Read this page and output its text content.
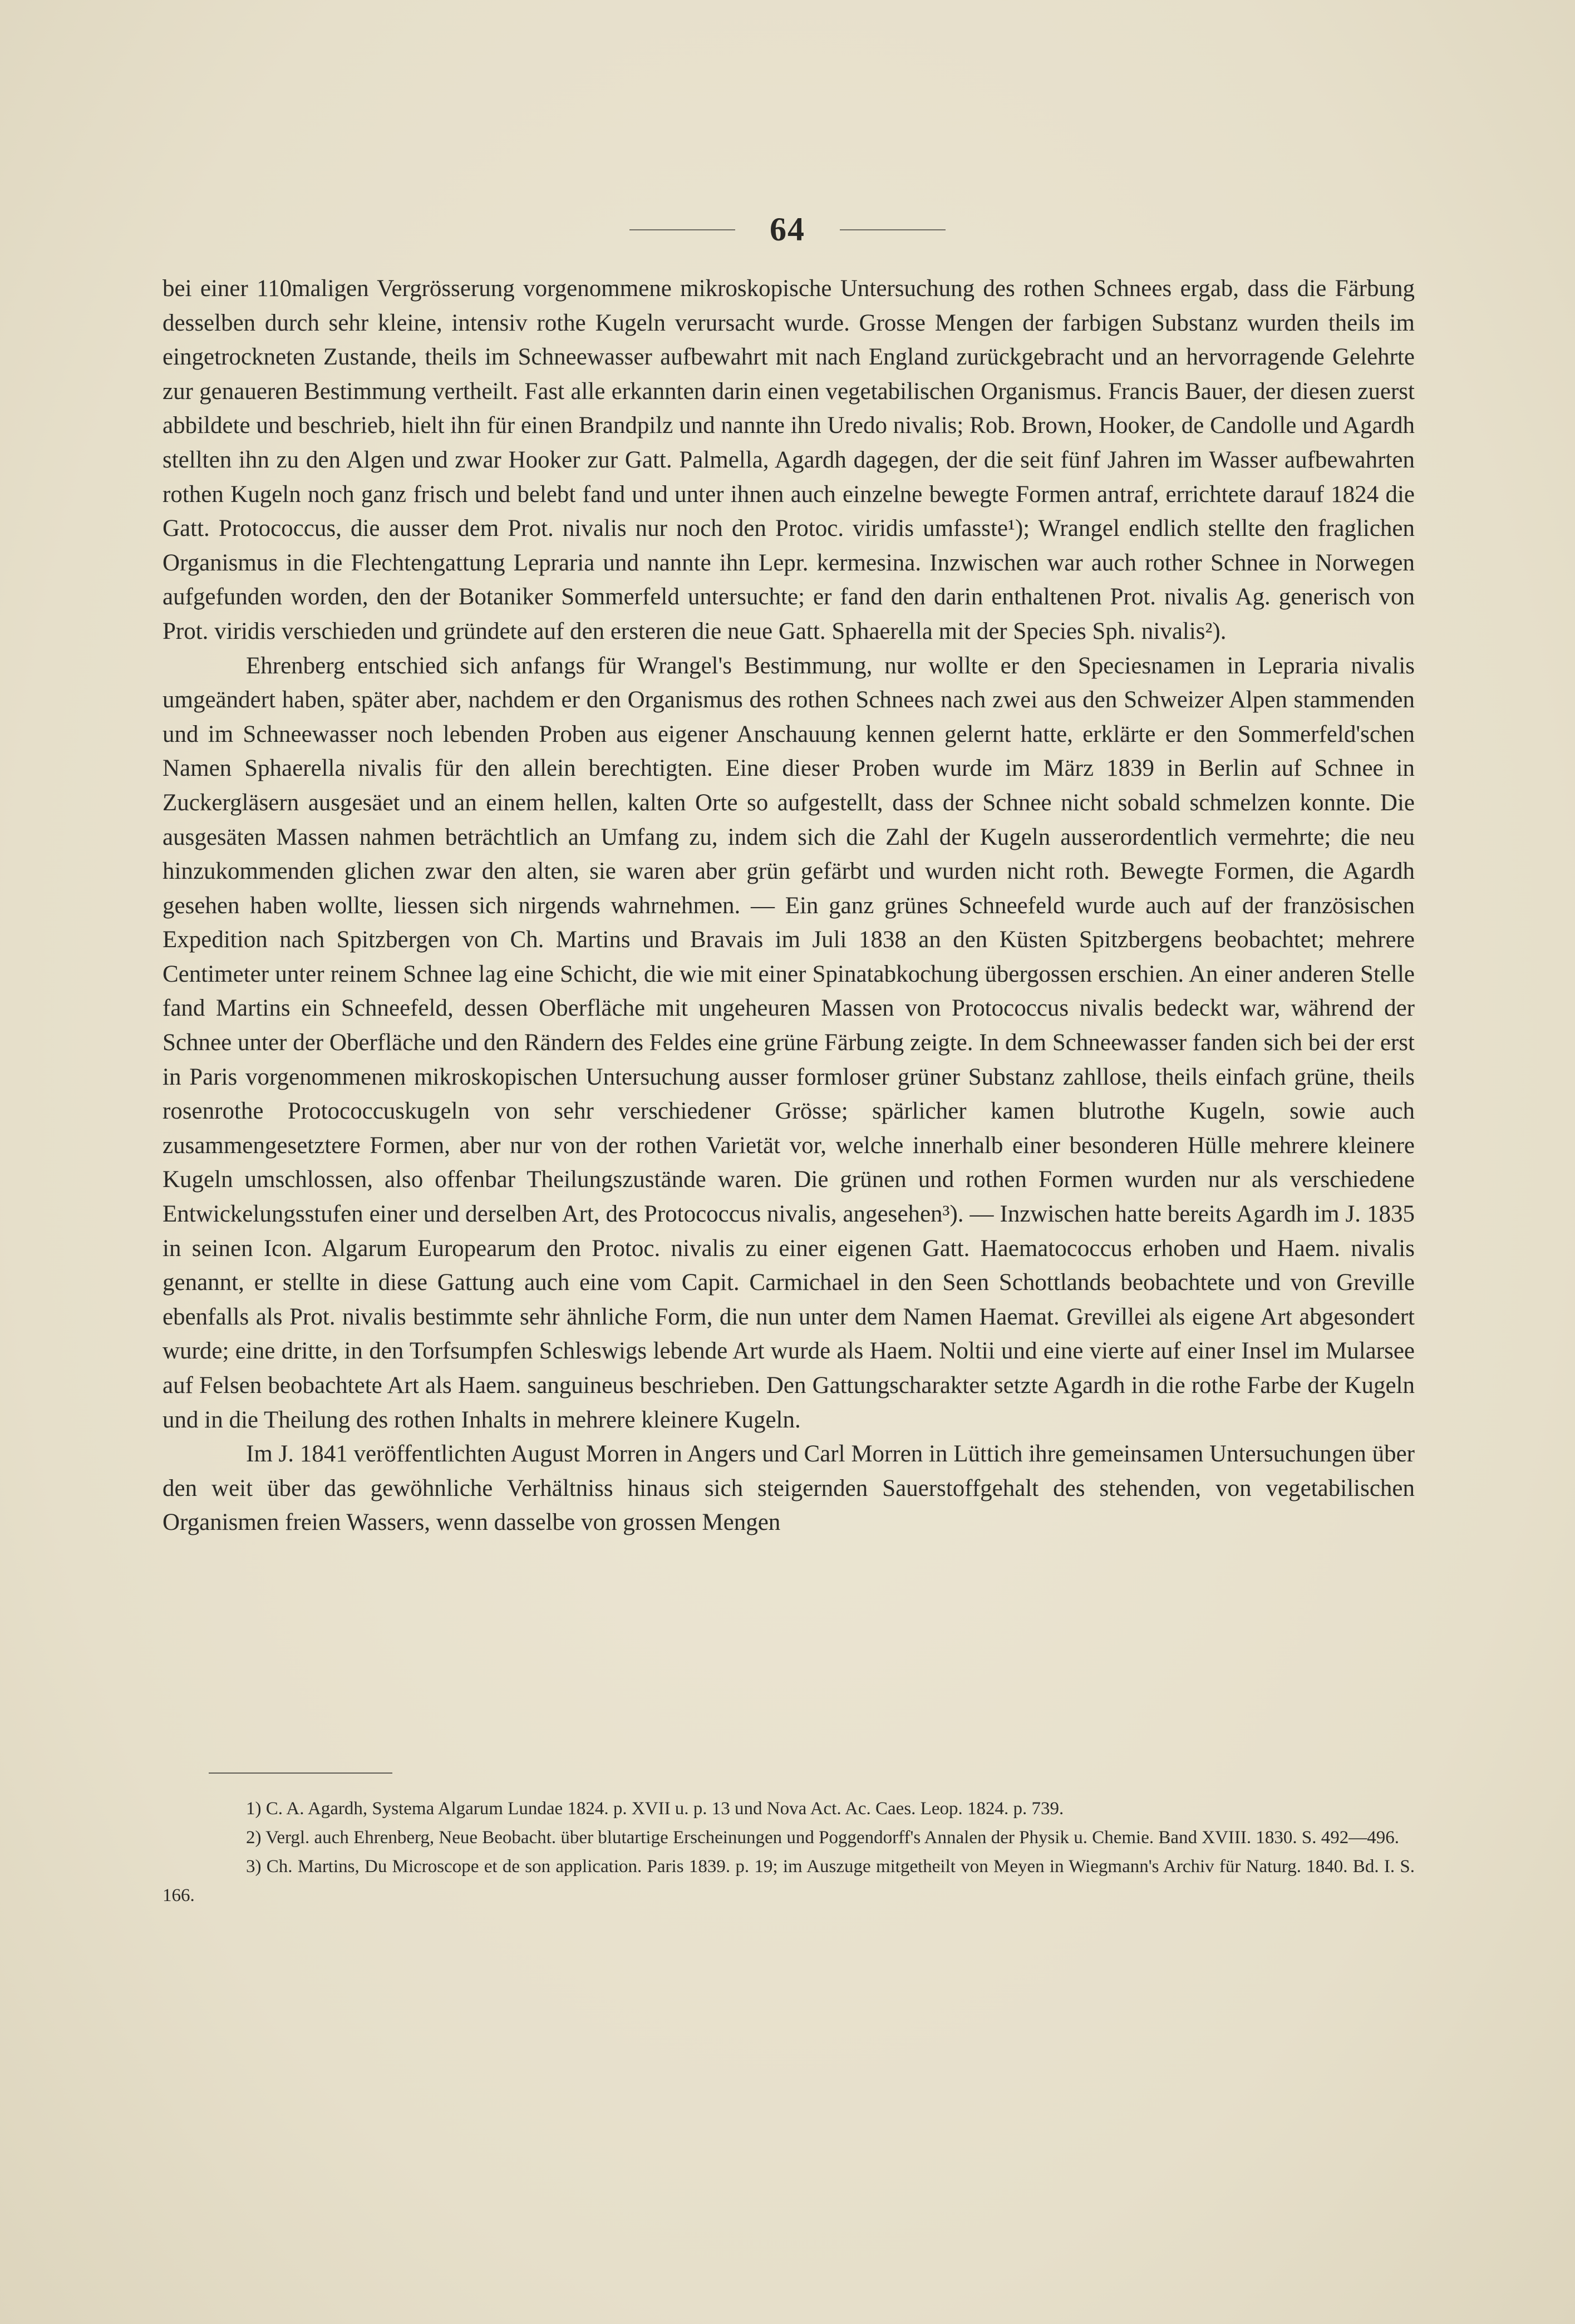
64

bei einer 110maligen Vergrösserung vorgenommene mikroskopische Untersuchung des rothen Schnees ergab, dass die Färbung desselben durch sehr kleine, intensiv rothe Kugeln verursacht wurde. Grosse Mengen der farbigen Substanz wurden theils im eingetrockneten Zustande, theils im Schneewasser aufbewahrt mit nach England zurückgebracht und an hervorragende Gelehrte zur genaueren Bestimmung vertheilt. Fast alle erkannten darin einen vegetabilischen Organismus. Francis Bauer, der diesen zuerst abbildete und beschrieb, hielt ihn für einen Brandpilz und nannte ihn Uredo nivalis; Rob. Brown, Hooker, de Candolle und Agardh stellten ihn zu den Algen und zwar Hooker zur Gatt. Palmella, Agardh dagegen, der die seit fünf Jahren im Wasser aufbewahrten rothen Kugeln noch ganz frisch und belebt fand und unter ihnen auch einzelne bewegte Formen antraf, errichtete darauf 1824 die Gatt. Protococcus, die ausser dem Prot. nivalis nur noch den Protoc. viridis umfasste¹); Wrangel endlich stellte den fraglichen Organismus in die Flechtengattung Lepraria und nannte ihn Lepr. kermesina. Inzwischen war auch rother Schnee in Norwegen aufgefunden worden, den der Botaniker Sommerfeld untersuchte; er fand den darin enthaltenen Prot. nivalis Ag. generisch von Prot. viridis verschieden und gründete auf den ersteren die neue Gatt. Sphaerella mit der Species Sph. nivalis²).

Ehrenberg entschied sich anfangs für Wrangel's Bestimmung, nur wollte er den Speciesnamen in Lepraria nivalis umgeändert haben, später aber, nachdem er den Organismus des rothen Schnees nach zwei aus den Schweizer Alpen stammenden und im Schneewasser noch lebenden Proben aus eigener Anschauung kennen gelernt hatte, erklärte er den Sommerfeld'schen Namen Sphaerella nivalis für den allein berechtigten. Eine dieser Proben wurde im März 1839 in Berlin auf Schnee in Zuckergläsern ausgesäet und an einem hellen, kalten Orte so aufgestellt, dass der Schnee nicht sobald schmelzen konnte. Die ausgesäten Massen nahmen beträchtlich an Umfang zu, indem sich die Zahl der Kugeln ausserordentlich vermehrte; die neu hinzukommenden glichen zwar den alten, sie waren aber grün gefärbt und wurden nicht roth. Bewegte Formen, die Agardh gesehen haben wollte, liessen sich nirgends wahrnehmen. — Ein ganz grünes Schneefeld wurde auch auf der französischen Expedition nach Spitzbergen von Ch. Martins und Bravais im Juli 1838 an den Küsten Spitzbergens beobachtet; mehrere Centimeter unter reinem Schnee lag eine Schicht, die wie mit einer Spinatabkochung übergossen erschien. An einer anderen Stelle fand Martins ein Schneefeld, dessen Oberfläche mit ungeheuren Massen von Protococcus nivalis bedeckt war, während der Schnee unter der Oberfläche und den Rändern des Feldes eine grüne Färbung zeigte. In dem Schneewasser fanden sich bei der erst in Paris vorgenommenen mikroskopischen Untersuchung ausser formloser grüner Substanz zahllose, theils einfach grüne, theils rosenrothe Protococcuskugeln von sehr verschiedener Grösse; spärlicher kamen blutrothe Kugeln, sowie auch zusammengesetztere Formen, aber nur von der rothen Varietät vor, welche innerhalb einer besonderen Hülle mehrere kleinere Kugeln umschlossen, also offenbar Theilungszustände waren. Die grünen und rothen Formen wurden nur als verschiedene Entwickelungsstufen einer und derselben Art, des Protococcus nivalis, angesehen³). — Inzwischen hatte bereits Agardh im J. 1835 in seinen Icon. Algarum Europearum den Protoc. nivalis zu einer eigenen Gatt. Haematococcus erhoben und Haem. nivalis genannt, er stellte in diese Gattung auch eine vom Capit. Carmichael in den Seen Schottlands beobachtete und von Greville ebenfalls als Prot. nivalis bestimmte sehr ähnliche Form, die nun unter dem Namen Haemat. Grevillei als eigene Art abgesondert wurde; eine dritte, in den Torfsumpfen Schleswigs lebende Art wurde als Haem. Noltii und eine vierte auf einer Insel im Mularsee auf Felsen beobachtete Art als Haem. sanguineus beschrieben. Den Gattungscharakter setzte Agardh in die rothe Farbe der Kugeln und in die Theilung des rothen Inhalts in mehrere kleinere Kugeln.

Im J. 1841 veröffentlichten August Morren in Angers und Carl Morren in Lüttich ihre gemeinsamen Untersuchungen über den weit über das gewöhnliche Verhältniss hinaus sich steigernden Sauerstoffgehalt des stehenden, von vegetabilischen Organismen freien Wassers, wenn dasselbe von grossen Mengen

1) C. A. Agardh, Systema Algarum Lundae 1824. p. XVII u. p. 13 und Nova Act. Ac. Caes. Leop. 1824. p. 739.

2) Vergl. auch Ehrenberg, Neue Beobacht. über blutartige Erscheinungen und Poggendorff's Annalen der Physik u. Chemie. Band XVIII. 1830. S. 492—496.

3) Ch. Martins, Du Microscope et de son application. Paris 1839. p. 19; im Auszuge mitgetheilt von Meyen in Wiegmann's Archiv für Naturg. 1840. Bd. I. S. 166.
